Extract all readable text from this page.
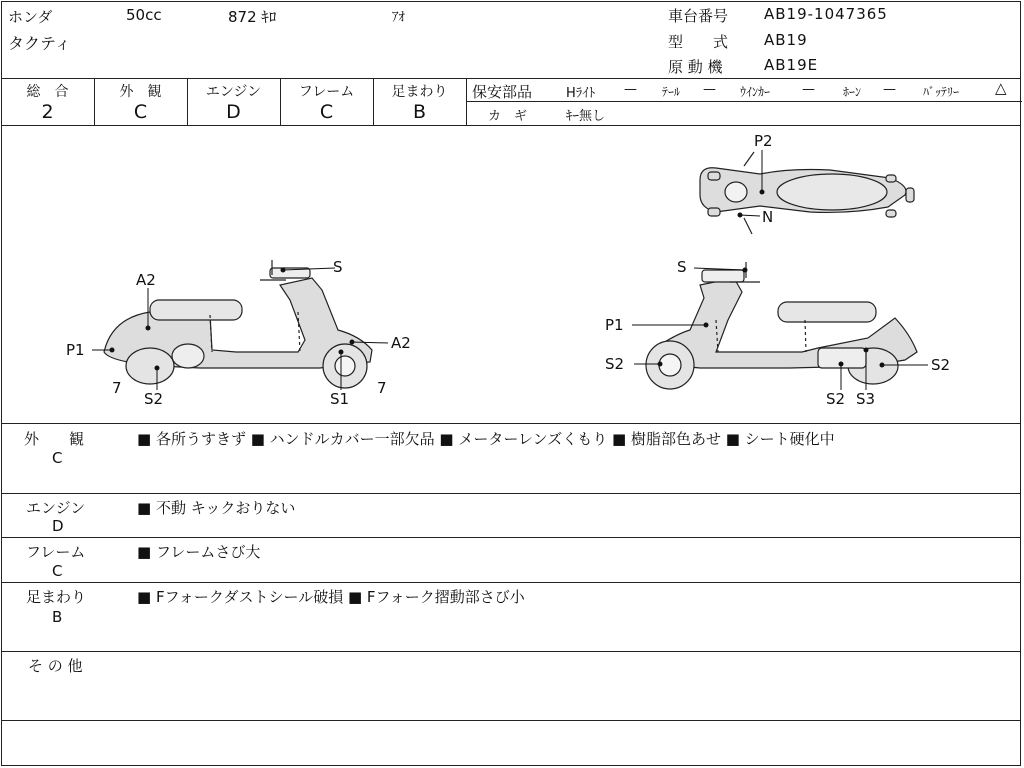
ホンダ	50cc	872 ｷﾛ	ｱｵ
タクティ
車台番号 AB19-1047365
型　　式 AB19
原 動 機	AB19E
総　合
2
外　観
C
エンジン
D
フレーム
C
足まわり
B
保安部品	Hﾗｲﾄ — ﾃｰﾙ — ｳｲﾝｶｰ — ﾎｰﾝ — ﾊﾞｯﾃﾘｰ △
カ　ギ	ｷｰ無し
P2
N
S
A2
P1
7
S2	S1
7
A2
S
P1
S2
S2 S3
S2
外　　観
C
■ 各所うすきず ■ ハンドルカバー一部欠品 ■ メーターレンズくもり ■ 樹脂部色あせ ■ シート硬化中
エンジン
D
■ 不動 キックおりない
フレーム
C
■ フレームさび大
足まわり
B
■ Fフォークダストシール破損 ■ Fフォーク摺動部さび小
そ の 他
